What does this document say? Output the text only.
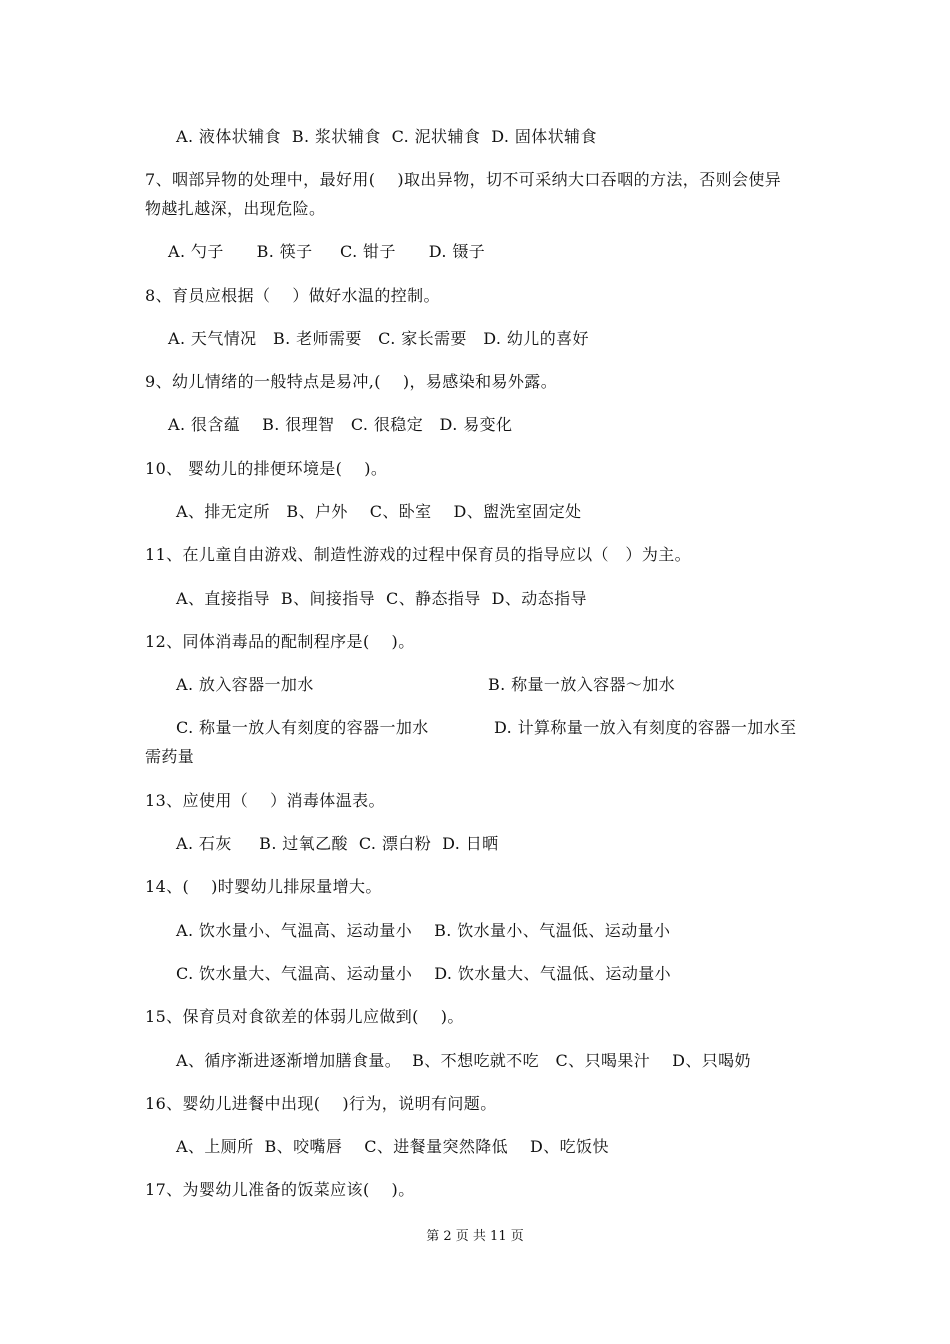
A. 液体状辅食  B. 浆状辅食  C. 泥状辅食  D. 固体状辅食
7、咽部异物的处理中，最好用(    )取出异物，切不可采纳大口吞咽的方法，否则会使异
物越扎越深，出现危险。
A. 勺子      B. 筷子     C. 钳子      D. 镊子
8、育员应根据（    ）做好水温的控制。
A. 天气情况   B. 老师需要   C. 家长需要   D. 幼儿的喜好
9、幼儿情绪的一般特点是易冲,(    )，易感染和易外露。
A. 很含蕴    B. 很理智   C. 很稳定   D. 易变化
10、 婴幼儿的排便环境是(    )。
A、排无定所   B、户外    C、卧室    D、盥洗室固定处
11、在儿童自由游戏、制造性游戏的过程中保育员的指导应以（   ）为主。
A、直接指导  B、间接指导  C、静态指导  D、动态指导
12、同体消毒品的配制程序是(    )。
A. 放入容器一加水	B. 称量一放入容器～加水
C. 称量一放人有刻度的容器一加水	D. 计算称量一放入有刻度的容器一加水至
需药量
13、应使用（    ）消毒体温表。
A. 石灰     B. 过氧乙酸  C. 漂白粉  D. 日晒
14、(    )时婴幼儿排尿量增大。
A. 饮水量小、气温高、运动量小    B. 饮水量小、气温低、运动量小
C. 饮水量大、气温高、运动量小    D. 饮水量大、气温低、运动量小
15、保育员对食欲差的体弱儿应做到(    )。
A、循序渐进逐渐增加膳食量。  B、不想吃就不吃   C、只喝果汁    D、只喝奶
16、婴幼儿进餐中出现(    )行为，说明有问题。
A、上厕所  B、咬嘴唇    C、进餐量突然降低    D、吃饭快
17、为婴幼儿准备的饭菜应该(    )。
第 2 页 共 11 页
